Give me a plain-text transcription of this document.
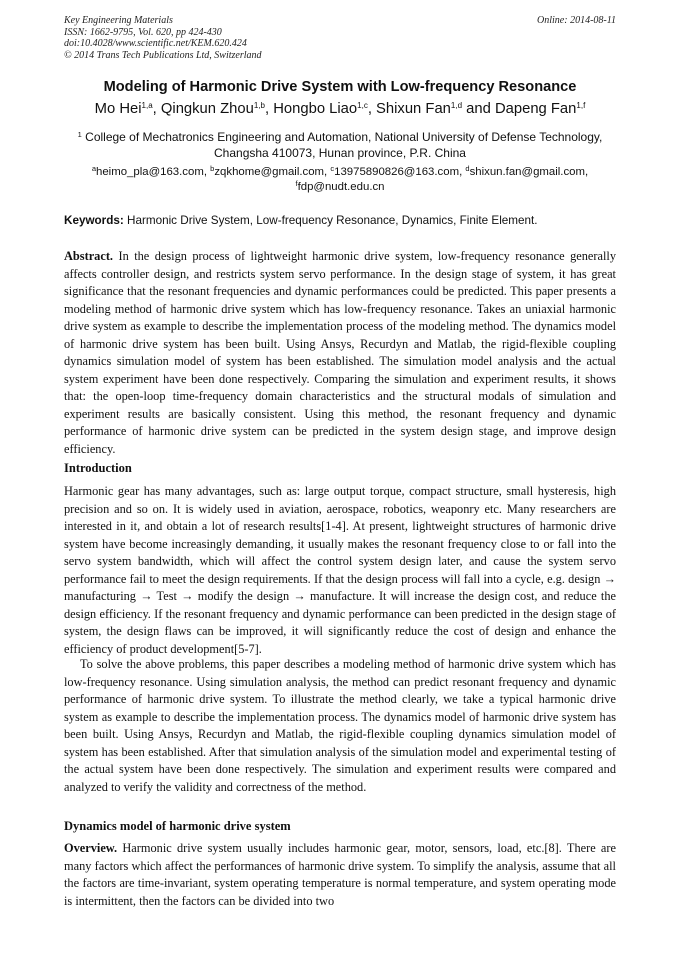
Key Engineering Materials
ISSN: 1662-9795, Vol. 620, pp 424-430
doi:10.4028/www.scientific.net/KEM.620.424
© 2014 Trans Tech Publications Ltd, Switzerland
Online: 2014-08-11
Modeling of Harmonic Drive System with Low-frequency Resonance
Mo Hei$^{1,a}$, Qingkun Zhou$^{1,b}$, Hongbo Liao$^{1,c}$, Shixun Fan$^{1,d}$ and Dapeng Fan$^{1,f}$
$^1$ College of Mechatronics Engineering and Automation, National University of Defense Technology,
Changsha 410073, Hunan province, P.R. China
$^a$heimo_pla@163.com, $^b$zqkhome@gmail.com, $^c$13975890826@163.com, $^d$shixun.fan@gmail.com,
$^f$fdp@nudt.edu.cn
Keywords: Harmonic Drive System, Low-frequency Resonance, Dynamics, Finite Element.

Abstract. In the design process of lightweight harmonic drive system, low-frequency resonance generally affects controller design, and restricts system servo performance. In the design stage of system, it has great significance that the resonant frequencies and dynamic performances could be predicted. This paper presents a modeling method of harmonic drive system which has low-frequency resonance. Takes an uniaxial harmonic drive system as example to describe the implementation process of the modeling method. The dynamics model of harmonic drive system has been built. Using Ansys, Recurdyn and Matlab, the rigid-flexible coupling dynamics simulation model of system has been established. The simulation model analysis and the actual system experiment have been done respectively. Comparing the simulation and experiment results, it shows that: the open-loop time-frequency domain characteristics and the structural modals of simulation and experiment results are basically consistent. Using this method, the resonant frequency and dynamic performance of harmonic drive system can be predicted in the system design stage, and improve design efficiency.

Introduction

Harmonic gear has many advantages, such as: large output torque, compact structure, small hysteresis, high precision and so on. It is widely used in aviation, aerospace, robotics, weaponry etc. Many researchers are interested in it, and obtain a lot of research results[1-4]. At present, lightweight structures of harmonic drive system have become increasingly demanding, it usually makes the resonant frequency close to or fall into the servo system bandwidth, which will affect the control system design later, and cause the system servo performance fail to meet the design requirements. If that the design process will fall into a cycle, e.g. design → manufacturing → Test → modify the design → manufacture. It will increase the design cost, and reduce the design efficiency. If the resonant frequency and dynamic performance can been predicted in the design stage of system, the design flaws can be improved, it will significantly reduce the cost of design and enhance the efficiency of product development[5-7].

To solve the above problems, this paper describes a modeling method of harmonic drive system which has low-frequency resonance. Using simulation analysis, the method can predict resonant frequency and dynamic performance of harmonic drive system. To illustrate the method clearly, we take a typical harmonic drive system as example to describe the implementation process. The dynamics model of harmonic drive system has been built. Using Ansys, Recurdyn and Matlab, the rigid-flexible coupling dynamics simulation model of system has been established. After that simulation analysis of the simulation model and experimental testing of the actual system have been done respectively. The simulation and experiment results were compared and analyzed to verify the validity and correctness of the method.

Dynamics model of harmonic drive system

Overview. Harmonic drive system usually includes harmonic gear, motor, sensors, load, etc.[8]. There are many factors which affect the performances of harmonic drive system. To simplify the analysis, assume that all the factors are time-invariant, system operating temperature is normal temperature, and system operating mode is intermittent, then the factors can be divided into two
